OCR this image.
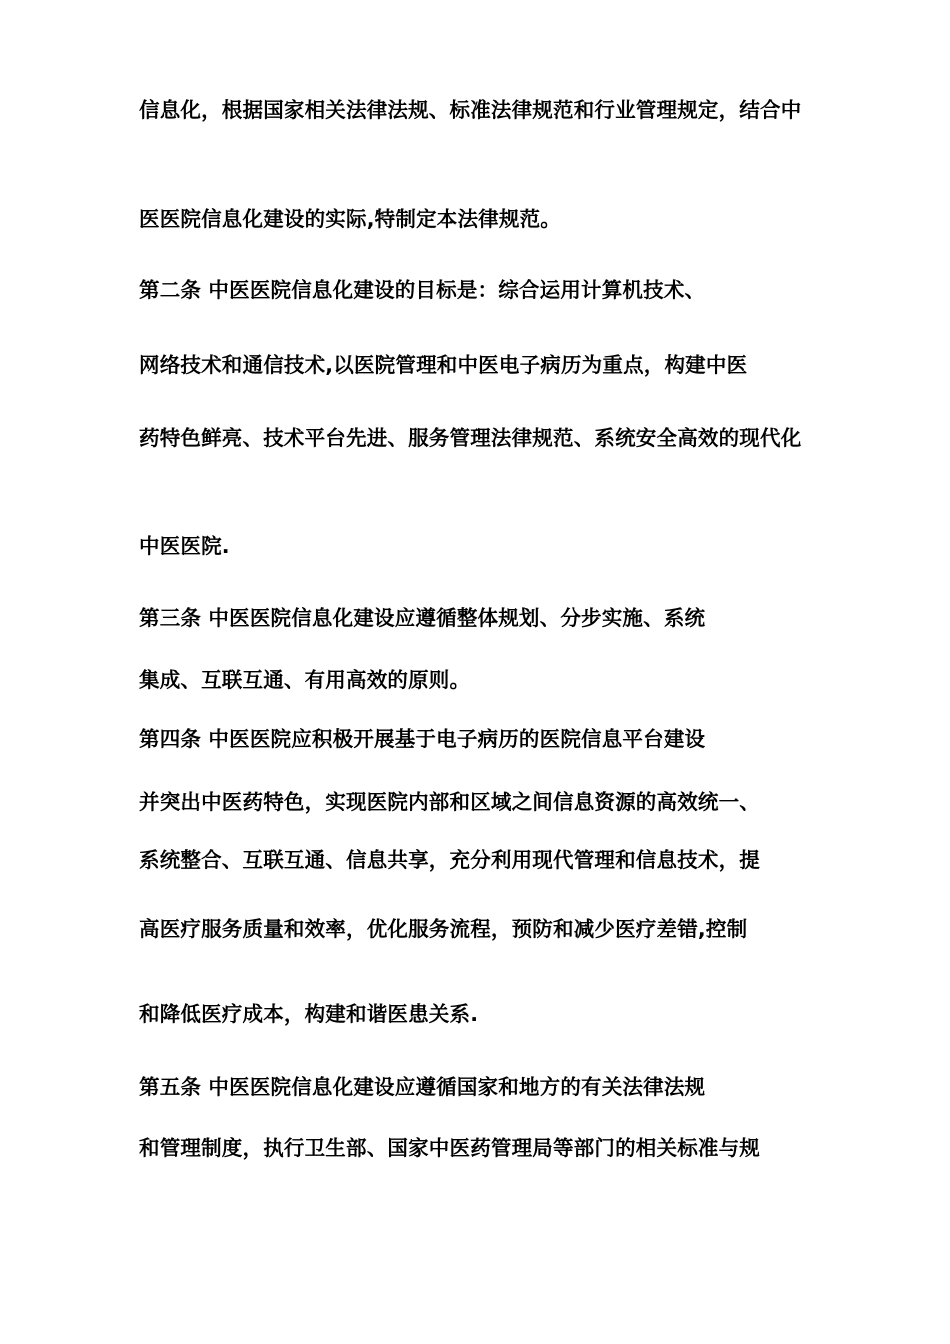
信息化，根据国家相关法律法规、标准法律规范和行业管理规定，结合中
医医院信息化建设的实际,特制定本法律规范。
第二条 中医医院信息化建设的目标是：综合运用计算机技术、
网络技术和通信技术,以医院管理和中医电子病历为重点，构建中医
药特色鲜亮、技术平台先进、服务管理法律规范、系统安全高效的现代化
中医医院.
第三条 中医医院信息化建设应遵循整体规划、分步实施、系统
集成、互联互通、有用高效的原则。
第四条 中医医院应积极开展基于电子病历的医院信息平台建设
并突出中医药特色，实现医院内部和区域之间信息资源的高效统一、
系统整合、互联互通、信息共享，充分利用现代管理和信息技术，提
高医疗服务质量和效率，优化服务流程，预防和减少医疗差错,控制
和降低医疗成本，构建和谐医患关系.
第五条 中医医院信息化建设应遵循国家和地方的有关法律法规
和管理制度，执行卫生部、国家中医药管理局等部门的相关标准与规
